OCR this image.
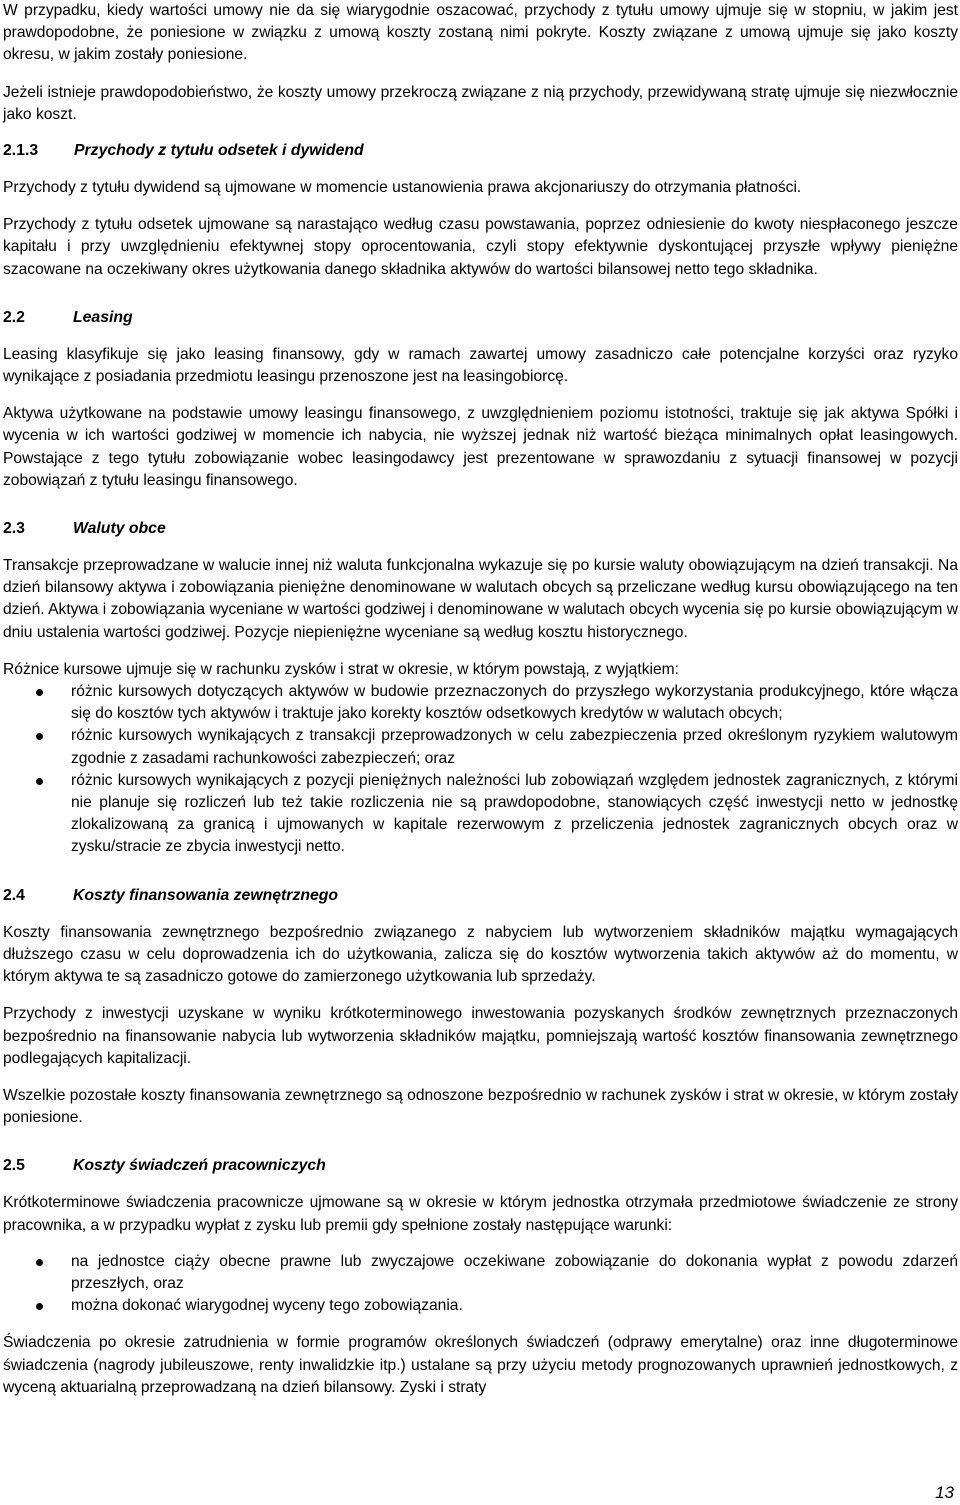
W przypadku, kiedy wartości umowy nie da się wiarygodnie oszacować, przychody z tytułu umowy ujmuje się w stopniu, w jakim jest prawdopodobne, że poniesione w związku z umową koszty zostaną nimi pokryte. Koszty związane z umową ujmuje się jako koszty okresu, w jakim zostały poniesione.

Jeżeli istnieje prawdopodobieństwo, że koszty umowy przekroczą związane z nią przychody, przewidywaną stratę ujmuje się niezwłocznie jako koszt.

2.1.3	Przychody z tytułu odsetek i dywidend

Przychody z tytułu dywidend są ujmowane w momencie ustanowienia prawa akcjonariuszy do otrzymania płatności.

Przychody z tytułu odsetek ujmowane są narastająco według czasu powstawania, poprzez odniesienie do kwoty niespłaconego jeszcze kapitału i przy uwzględnieniu efektywnej stopy oprocentowania, czyli stopy efektywnie dyskontującej przyszłe wpływy pieniężne szacowane na oczekiwany okres użytkowania danego składnika aktywów do wartości bilansowej netto tego składnika.

2.2	Leasing

Leasing klasyfikuje się jako leasing finansowy, gdy w ramach zawartej umowy zasadniczo całe potencjalne korzyści oraz ryzyko wynikające z posiadania przedmiotu leasingu przenoszone jest na leasingobiorcę.

Aktywa użytkowane na podstawie umowy leasingu finansowego, z uwzględnieniem poziomu istotności, traktuje się jak aktywa Spółki i wycenia w ich wartości godziwej w momencie ich nabycia, nie wyższej jednak niż wartość bieżąca minimalnych opłat leasingowych. Powstające z tego tytułu zobowiązanie wobec leasingodawcy jest prezentowane w sprawozdaniu z sytuacji finansowej w pozycji zobowiązań z tytułu leasingu finansowego.

2.3	Waluty obce

Transakcje przeprowadzane w walucie innej niż waluta funkcjonalna wykazuje się po kursie waluty obowiązującym na dzień transakcji. Na dzień bilansowy aktywa i zobowiązania pieniężne denominowane w walutach obcych są przeliczane według kursu obowiązującego na ten dzień. Aktywa i zobowiązania wyceniane w wartości godziwej i denominowane w walutach obcych wycenia się po kursie obowiązującym w dniu ustalenia wartości godziwej. Pozycje niepieniężne wyceniane są według kosztu historycznego.

Różnice kursowe ujmuje się w rachunku zysków i strat w okresie, w którym powstają, z wyjątkiem:

różnic kursowych dotyczących aktywów w budowie przeznaczonych do przyszłego wykorzystania produkcyjnego, które włącza się do kosztów tych aktywów i traktuje jako korekty kosztów odsetkowych kredytów w walutach obcych;
różnic kursowych wynikających z transakcji przeprowadzonych w celu zabezpieczenia przed określonym ryzykiem walutowym zgodnie z zasadami rachunkowości zabezpieczeń; oraz
różnic kursowych wynikających z pozycji pieniężnych należności lub zobowiązań względem jednostek zagranicznych, z którymi nie planuje się rozliczeń lub też takie rozliczenia nie są prawdopodobne, stanowiących część inwestycji netto w jednostkę zlokalizowaną za granicą i ujmowanych w kapitale rezerwowym z przeliczenia jednostek zagranicznych obcych oraz w zysku/stracie ze zbycia inwestycji netto.
2.4	Koszty finansowania zewnętrznego

Koszty finansowania zewnętrznego bezpośrednio związanego z nabyciem lub wytworzeniem składników majątku wymagających dłuższego czasu w celu doprowadzenia ich do użytkowania, zalicza się do kosztów wytworzenia takich aktywów aż do momentu, w którym aktywa te są zasadniczo gotowe do zamierzonego użytkowania lub sprzedaży.

Przychody z inwestycji uzyskane w wyniku krótkoterminowego inwestowania pozyskanych środków zewnętrznych przeznaczonych bezpośrednio na finansowanie nabycia lub wytworzenia składników majątku, pomniejszają wartość kosztów finansowania zewnętrznego podlegających kapitalizacji.

Wszelkie pozostałe koszty finansowania zewnętrznego są odnoszone bezpośrednio w rachunek zysków i strat w okresie, w którym zostały poniesione.

2.5	Koszty świadczeń pracowniczych

Krótkoterminowe świadczenia pracownicze ujmowane są w okresie w którym jednostka otrzymała przedmiotowe świadczenie ze strony pracownika, a w przypadku wypłat z zysku lub premii gdy spełnione zostały następujące warunki:

na jednostce ciąży obecne prawne lub zwyczajowe oczekiwane zobowiązanie do dokonania wypłat z powodu zdarzeń przeszłych, oraz
można dokonać wiarygodnej wyceny tego zobowiązania.

Świadczenia po okresie zatrudnienia w formie programów określonych świadczeń (odprawy emerytalne) oraz inne długoterminowe świadczenia (nagrody jubileuszowe, renty inwalidzkie itp.) ustalane są przy użyciu metody prognozowanych uprawnień jednostkowych, z wyceną aktuarialną przeprowadzaną na dzień bilansowy. Zyski i straty

13
